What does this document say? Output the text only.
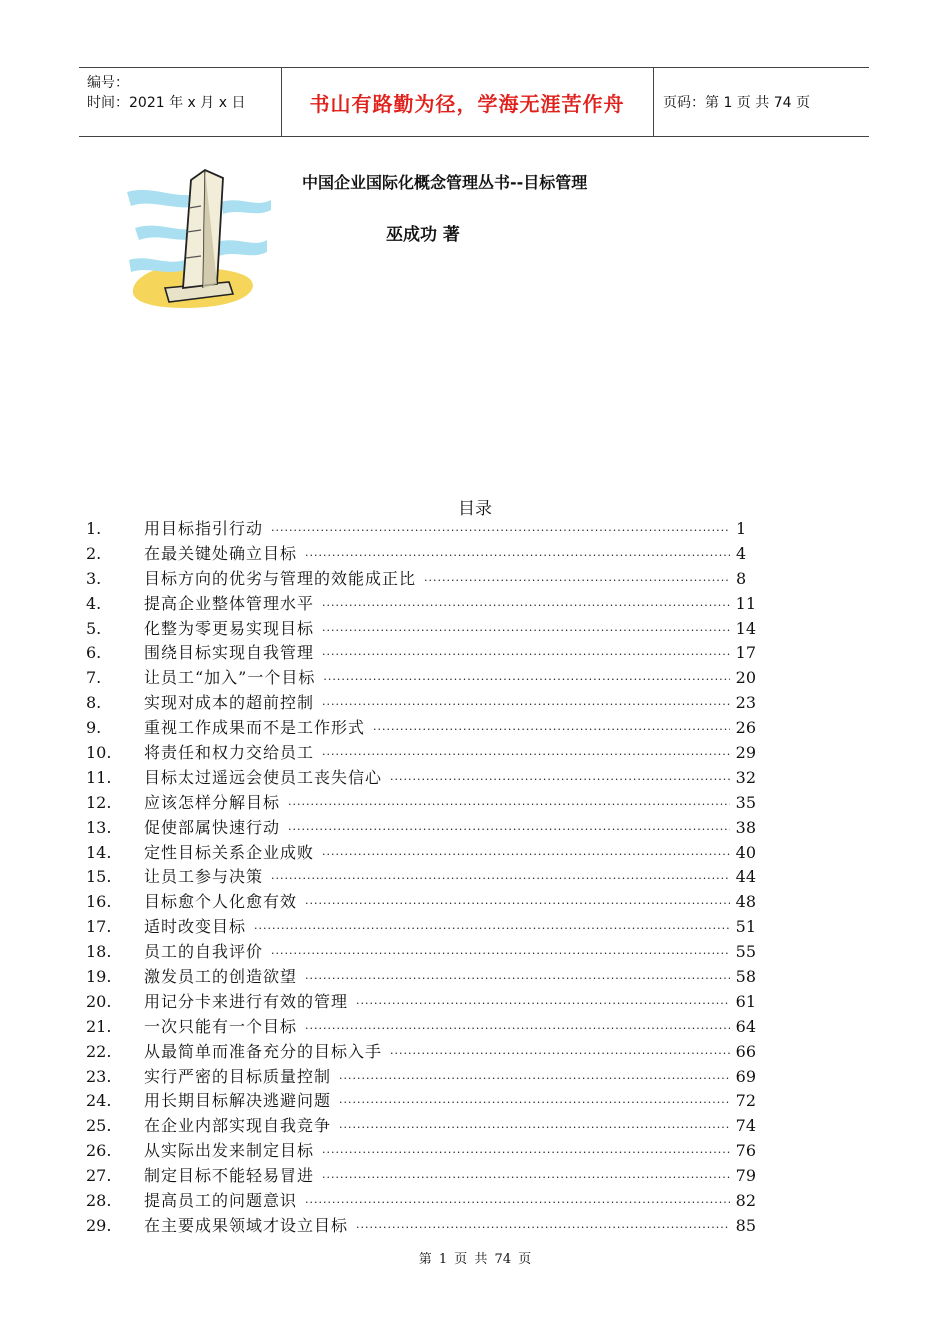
编号：
时间：2021 年 x 月 x 日	书山有路勤为径，学海无涯苦作舟	页码：第 1 页 共 74 页
中国企业国际化概念管理丛书--目标管理
巫成功 著
目录
1.	用目标指引行动 ·····	1
2.	在最关键处确立目标 ·····	4
3.	目标方向的优劣与管理的效能成正比 ·····	8
4.	提高企业整体管理水平 ·····	11
5.	化整为零更易实现目标 ·····	14
6.	围绕目标实现自我管理 ·····	17
7.	让员工“加入”一个目标 ·····	20
8.	实现对成本的超前控制 ·····	23
9.	重视工作成果而不是工作形式 ·····	26
10. 将责任和权力交给员工 ·····	29
11. 目标太过遥远会使员工丧失信心 ·····	32
12. 应该怎样分解目标 ·····	35
13. 促使部属快速行动 ·····	38
14. 定性目标关系企业成败 ·····	40
15. 让员工参与决策 ·····	44
16. 目标愈个人化愈有效 ·····	48
17. 适时改变目标 ·····	51
18. 员工的自我评价 ·····	55
19. 激发员工的创造欲望 ·····	58
20. 用记分卡来进行有效的管理 ·····	61
21. 一次只能有一个目标 ·····	64
22. 从最简单而准备充分的目标入手 ·····	66
23. 实行严密的目标质量控制 ·····	69
24. 用长期目标解决逃避问题 ·····	72
25. 在企业内部实现自我竞争 ·····	74
26. 从实际出发来制定目标 ·····	76
27. 制定目标不能轻易冒进 ·····	79
28. 提高员工的问题意识 ·····	82
29. 在主要成果领域才设立目标 ·····	85
第 1 页 共 74 页
